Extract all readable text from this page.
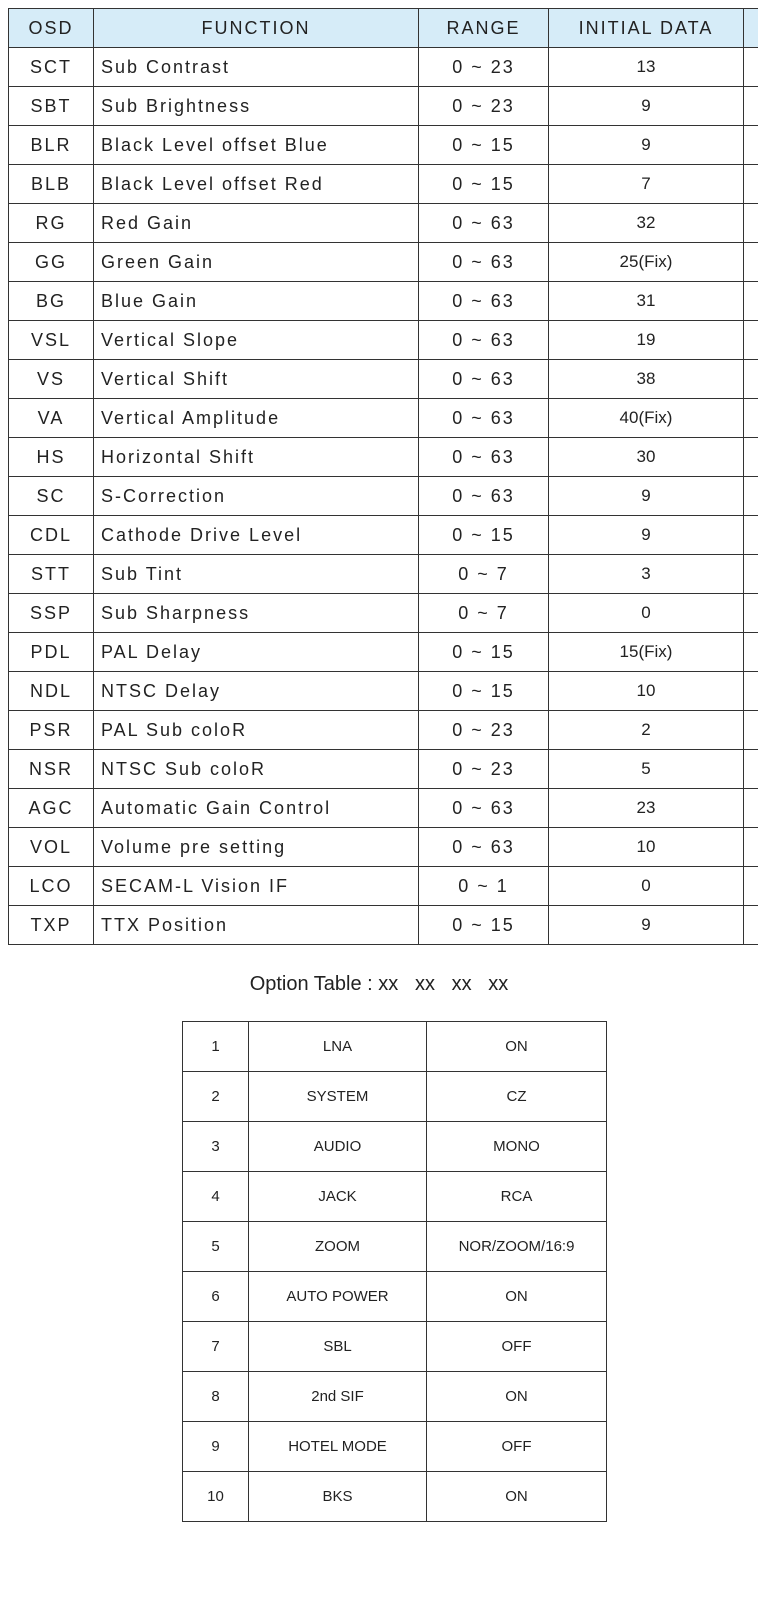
OSD	FUNCTION	RANGE	INITIAL DATA	
SCT	Sub Contrast	0 ~ 23	13	
SBT	Sub Brightness	0 ~ 23	9	
BLR	Black Level offset Blue	0 ~ 15	9	
BLB	Black Level offset Red	0 ~ 15	7	
RG	Red Gain	0 ~ 63	32	
GG	Green Gain	0 ~ 63	25(Fix)	
BG	Blue Gain	0 ~ 63	31	
VSL	Vertical Slope	0 ~ 63	19	
VS	Vertical Shift	0 ~ 63	38	
VA	Vertical Amplitude	0 ~ 63	40(Fix)	
HS	Horizontal Shift	0 ~ 63	30	
SC	S-Correction	0 ~ 63	9	
CDL	Cathode Drive Level	0 ~ 15	9	
STT	Sub Tint	0 ~ 7	3	
SSP	Sub Sharpness	0 ~ 7	0	
PDL	PAL Delay	0 ~ 15	15(Fix)	
NDL	NTSC Delay	0 ~ 15	10	
PSR	PAL Sub coloR	0 ~ 23	2	
NSR	NTSC Sub coloR	0 ~ 23	5	
AGC	Automatic Gain Control	0 ~ 63	23	
VOL	Volume pre setting	0 ~ 63	10	
LCO	SECAM-L Vision IF	0 ~ 1	0	
TXP	TTX Position	0 ~ 15	9	
Option Table : xx   xx   xx   xx
1	LNA	ON
2	SYSTEM	CZ
3	AUDIO	MONO
4	JACK	RCA
5	ZOOM	NOR/ZOOM/16:9
6	AUTO POWER	ON
7	SBL	OFF
8	2nd SIF	ON
9	HOTEL MODE	OFF
10	BKS	ON
